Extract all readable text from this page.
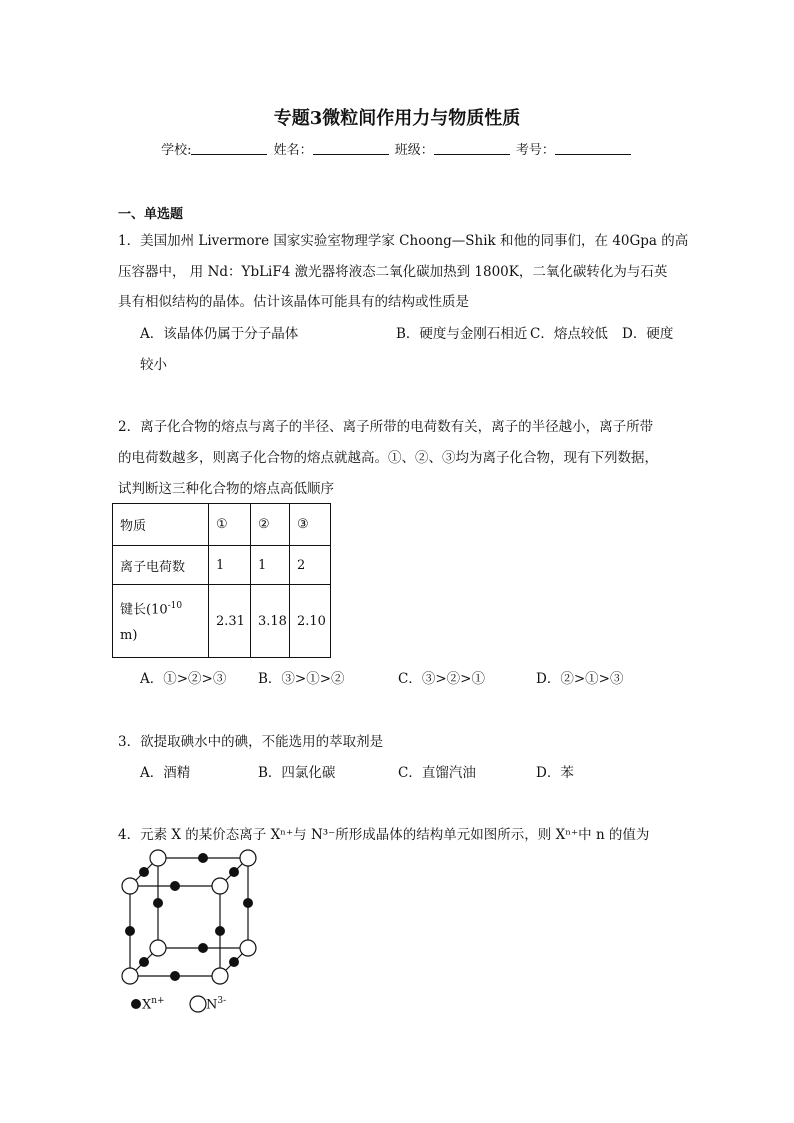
专题3微粒间作用力与物质性质
学校:	姓名：	班级：	考号：
一、单选题
1．美国加州 Livermore 国家实验室物理学家 Choong—Shik 和他的同事们，在 40Gpa 的高
压容器中， 用 Nd：YbLiF4 激光器将液态二氧化碳加热到 1800K，二氧化碳转化为与石英
具有相似结构的晶体。估计该晶体可能具有的结构或性质是
A．该晶体仍属于分子晶体	B．硬度与金刚石相近 C．熔点较低 D．硬度
较小
2．离子化合物的熔点与离子的半径、离子所带的电荷数有关，离子的半径越小，离子所带
的电荷数越多，则离子化合物的熔点就越高。①、②、③均为离子化合物，现有下列数据，
试判断这三种化合物的熔点高低顺序
物质	①	②	③
离子电荷数	1	1	2

键长($10^{-10}$
m)	2.31	3.18	2.10
A．①>②>③ B．③>①>②	C．③>②>①	D．②>①>③
3．欲提取碘水中的碘，不能选用的萃取剂是
A．酒精	B．四氯化碳	C．直馏汽油	D．苯
4．元素 X 的某价态离子 Xⁿ⁺与 N³⁻所形成晶体的结构单元如图所示，则 Xⁿ⁺中 n 的值为
$X^{n+}$	$N^{3-}$
